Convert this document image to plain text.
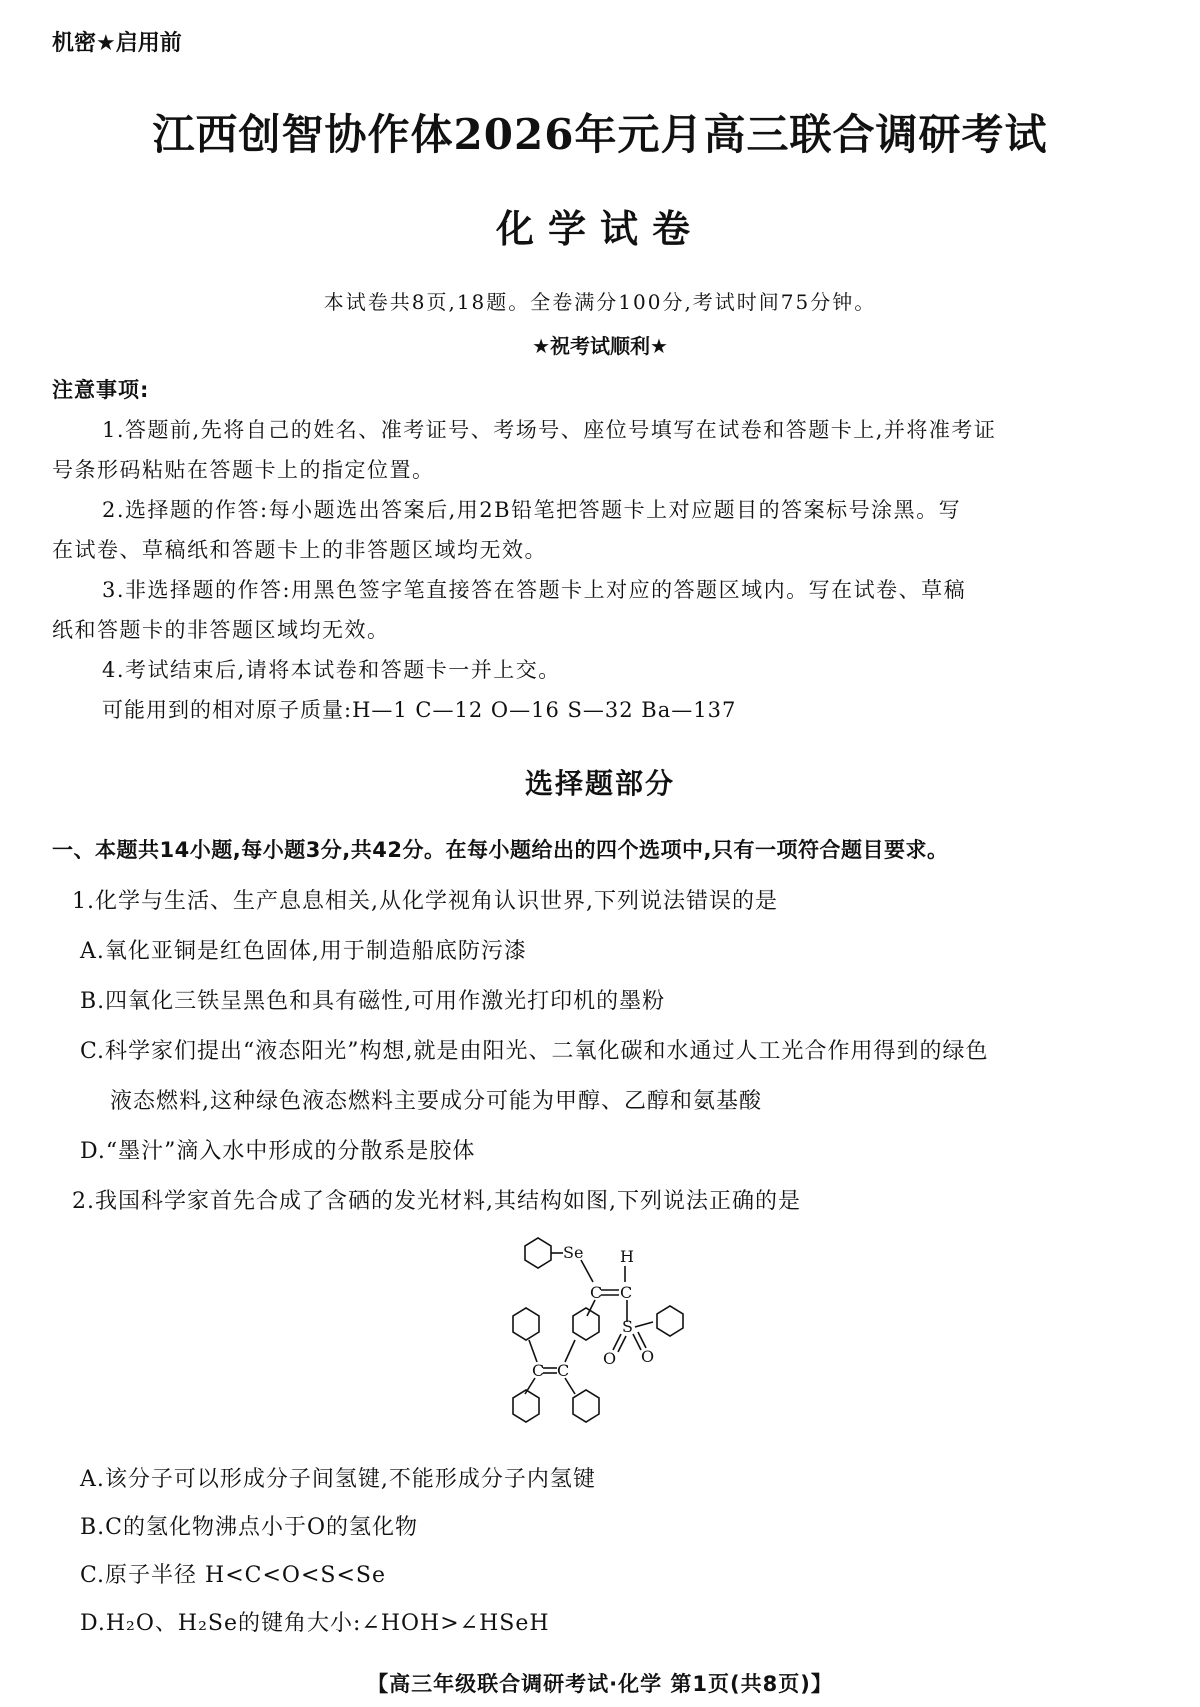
机密★启用前
江西创智协作体2026年元月高三联合调研考试
化学试卷
本试卷共8页,18题。全卷满分100分,考试时间75分钟。
★祝考试顺利★
注意事项:
1.答题前,先将自己的姓名、准考证号、考场号、座位号填写在试卷和答题卡上,并将准考证
号条形码粘贴在答题卡上的指定位置。
2.选择题的作答:每小题选出答案后,用2B铅笔把答题卡上对应题目的答案标号涂黑。写
在试卷、草稿纸和答题卡上的非答题区域均无效。
3.非选择题的作答:用黑色签字笔直接答在答题卡上对应的答题区域内。写在试卷、草稿
纸和答题卡的非答题区域均无效。
4.考试结束后,请将本试卷和答题卡一并上交。
可能用到的相对原子质量:H—1 C—12 O—16 S—32 Ba—137
选择题部分
一、本题共14小题,每小题3分,共42分。在每小题给出的四个选项中,只有一项符合题目要求。
1.化学与生活、生产息息相关,从化学视角认识世界,下列说法错误的是
A.氧化亚铜是红色固体,用于制造船底防污漆
B.四氧化三铁呈黑色和具有磁性,可用作激光打印机的墨粉
C.科学家们提出“液态阳光”构想,就是由阳光、二氧化碳和水通过人工光合作用得到的绿色
液态燃料,这种绿色液态燃料主要成分可能为甲醇、乙醇和氨基酸
D.“墨汁”滴入水中形成的分散系是胶体
2.我国科学家首先合成了含硒的发光材料,其结构如图,下列说法正确的是
Se H
C C
S
O O
C C
A.该分子可以形成分子间氢键,不能形成分子内氢键
B.C的氢化物沸点小于O的氢化物
C.原子半径 H<C<O<S<Se
D.H₂O、H₂Se的键角大小:∠HOH>∠HSeH
【高三年级联合调研考试·化学 第1页(共8页)】
